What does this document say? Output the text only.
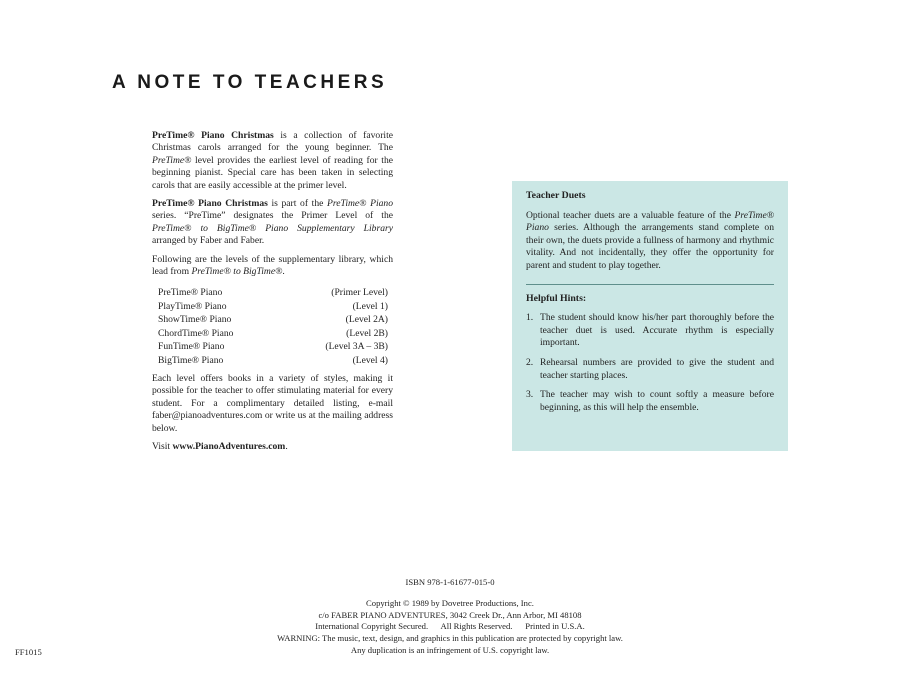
A NOTE TO TEACHERS

PreTime® Piano Christmas is a collection of favorite Christmas carols arranged for the young beginner. The PreTime® level provides the earliest level of reading for the beginning pianist. Special care has been taken in selecting carols that are easily accessible at the primer level.

PreTime® Piano Christmas is part of the PreTime® Piano series. “PreTime” designates the Primer Level of the PreTime® to BigTime® Piano Supplementary Library arranged by Faber and Faber.

Following are the levels of the supplementary library, which lead from PreTime® to BigTime®.

PreTime® Piano	(Primer Level)
PlayTime® Piano	(Level 1)
ShowTime® Piano	(Level 2A)
ChordTime® Piano	(Level 2B)
FunTime® Piano	(Level 3A – 3B)
BigTime® Piano	(Level 4)

Each level offers books in a variety of styles, making it possible for the teacher to offer stimulating material for every student. For a complimentary detailed listing, e-mail faber@pianoadventures.com or write us at the mailing address below.

Visit www.PianoAdventures.com.

Teacher Duets

Optional teacher duets are a valuable feature of the PreTime® Piano series. Although the arrangements stand complete on their own, the duets provide a fullness of harmony and rhythmic vitality. And not incidentally, they offer the opportunity for parent and student to play together.

Helpful Hints:
1. The student should know his/her part thoroughly before the teacher duet is used. Accurate rhythm is especially important.
2. Rehearsal numbers are provided to give the student and teacher starting places.
3. The teacher may wish to count softly a measure before beginning, as this will help the ensemble.
ISBN 978-1-61677-015-0
Copyright © 1989 by Dovetree Productions, Inc.
c/o FABER PIANO ADVENTURES, 3042 Creek Dr., Ann Arbor, MI 48108
International Copyright Secured.      All Rights Reserved.      Printed in U.S.A.
WARNING: The music, text, design, and graphics in this publication are protected by copyright law.
Any duplication is an infringement of U.S. copyright law.
FF1015
